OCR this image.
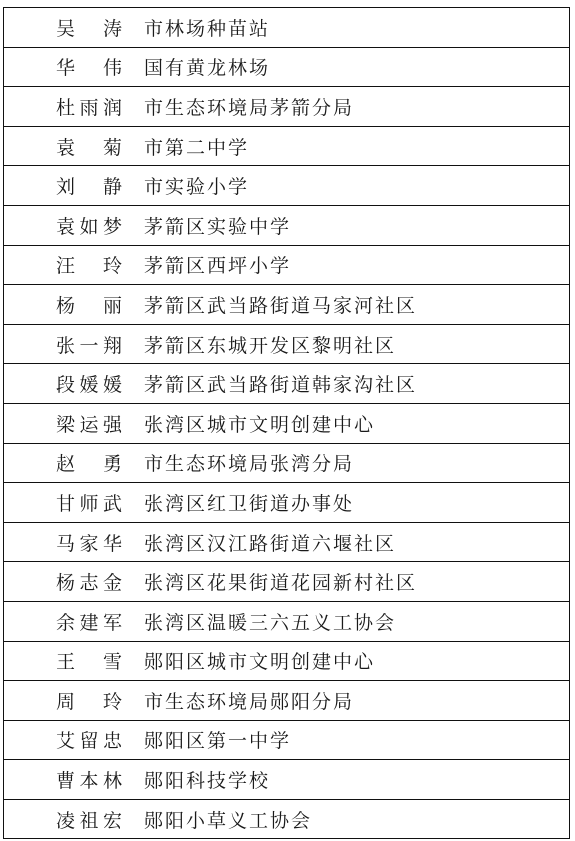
吴 涛 市林场种苗站
华 伟 国有黄龙林场
杜 雨 润 市生态环境局茅箭分局
袁 菊 市第二中学
刘 静 市实验小学
袁 如 梦 茅箭区实验中学
汪 玲 茅箭区西坪小学
杨 丽 茅箭区武当路街道马家河社区
张 一 翔 茅箭区东城开发区黎明社区
段 媛 媛 茅箭区武当路街道韩家沟社区
梁 运 强 张湾区城市文明创建中心
赵 勇 市生态环境局张湾分局
甘 师 武 张湾区红卫街道办事处
马 家 华 张湾区汉江路街道六堰社区
杨 志 金 张湾区花果街道花园新村社区
余 建 军 张湾区温暖三六五义工协会
王 雪 郧阳区城市文明创建中心
周 玲 市生态环境局郧阳分局
艾 留 忠 郧阳区第一中学
曹 本 林 郧阳科技学校
凌 祖 宏 郧阳小草义工协会
